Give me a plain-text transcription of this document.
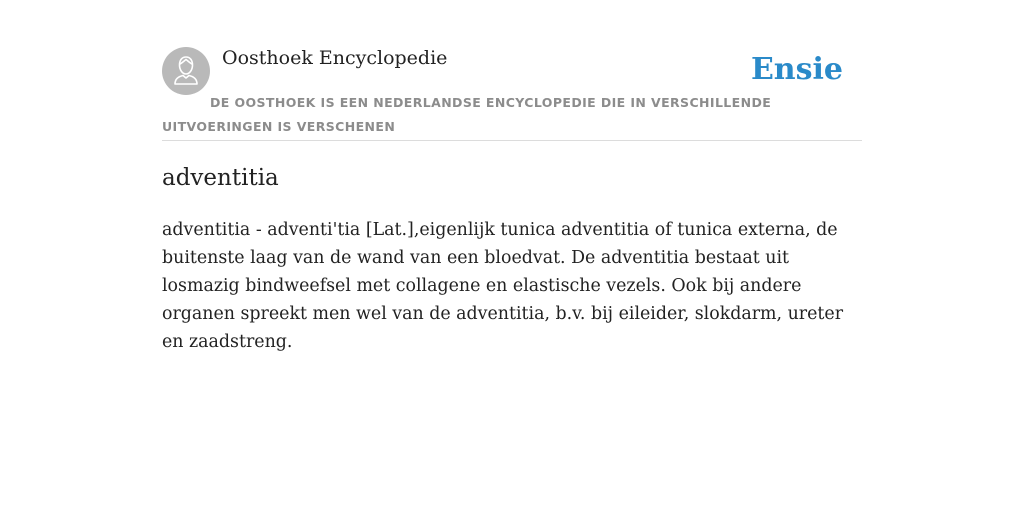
Oosthoek Encyclopedie	Ensie
DE OOSTHOEK IS EEN NEDERLANDSE ENCYCLOPEDIE DIE IN VERSCHILLENDE UITVOERINGEN IS VERSCHENEN
adventitia

adventitia - adventi'tia [Lat.],eigenlijk tunica adventitia of tunica externa, de buitenste laag van de wand van een bloedvat. De adventitia bestaat uit losmazig bindweefsel met collagene en elastische vezels. Ook bij andere organen spreekt men wel van de adventitia, b.v. bij eileider, slokdarm, ureter en zaadstreng.
